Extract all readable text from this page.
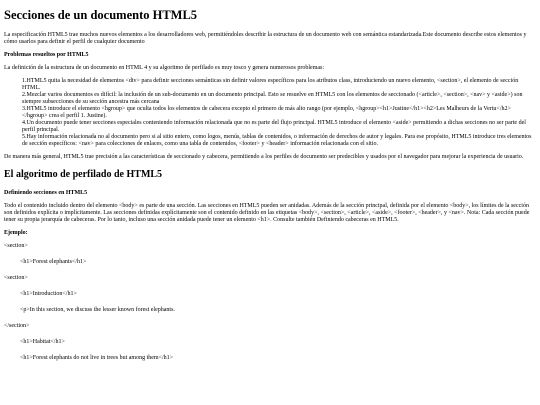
Secciones de un documento HTML5

La especificación HTML5 trae muchos nuevos elementos a los desarrolladores web, permitiéndoles describir la estructura de un documento web con semántica estandarizada.Este documento describe estos elementos y cómo usarlos para definir el perfil de cualquier documento

Problemas resueltos por HTML5

La definición de la estructura de un documento en HTML 4 y su algoritmo de perfilado es muy tosco y genera numerosos problemas:

1.HTML5 quita la necesidad de elementos <div> para definir secciones semánticas sin definir valores específicos para los atributos class, introduciendo un nuevo elemento, <section>, el elemento de sección HTML.
2.Mezclar varios documentos es difícil: la inclusión de un sub-documento en un documento principal. Esto se resuelve en HTML5 con los elementos de seccionado (<article>, <section>, <nav> y <aside>) son siempre subsecciones de su sección ancestra más cercana
3.HTML5 introduce el elemento <hgroup> que oculta todos los elementos de cabecera excepto el primero de más alto rango (por ejemplo, <hgroup><h1>Justine</h1><h2>Les Malheurs de la Vertu</h2></hgroup> crea el perfil 1. Justine).
4.Un documento puede tener secciones especiales conteniendo información relacionada que no es parte del flujo principal. HTML5 introduce el elemento <aside> permitiendo a dichas secciones no ser parte del perfil principal.
5.Hay información relacionada no al documento pero si al sitio entero, como logos, menús, tablas de contenidos, o información de derechos de autor y legales. Para ese propósito, HTML5 introduce tres elementos de sección específicos: <nav> para colecciones de enlaces, como una tabla de contenidos, <footer> y <header> información relacionada con el sitio.

De manera más general, HTML5 trae precisión a las características de seccionado y cabecera, permitiendo a los perfiles de documento ser predecibles y usados por el navegador para mejorar la experiencia de usuario.

El algoritmo de perfilado de HTML5

Definiendo secciones en HTML5

Todo el contenido incluido dentro del elemento <body> es parte de una sección. Las secciones en HTML5 pueden ser anidadas. Además de la sección principal, definida por el elemento <body>, los límites de la sección son definidos explícita o implícitamente. Las secciones definidas explícitamente son el contenido definido en las etiquetas <body>, <section>, <article>, <aside>, <footer>, <header>, y <nav>. Nota: Cada sección puede tener su propia jerarquía de cabeceras. Por lo tanto, incluso una sección anidada puede tener un elemento <h1>. Consulte también Definiendo cabeceras en HTML5.

Ejemplo:

<section>
<h1>Forest elephants</h1>
<section>
<h1>Introduction</h1>
<p>In this section, we discuss the lesser known forest elephants.
</section>
<h1>Habitat</h1>
<h1>Forest elephants do not live in trees but among them</h1>
